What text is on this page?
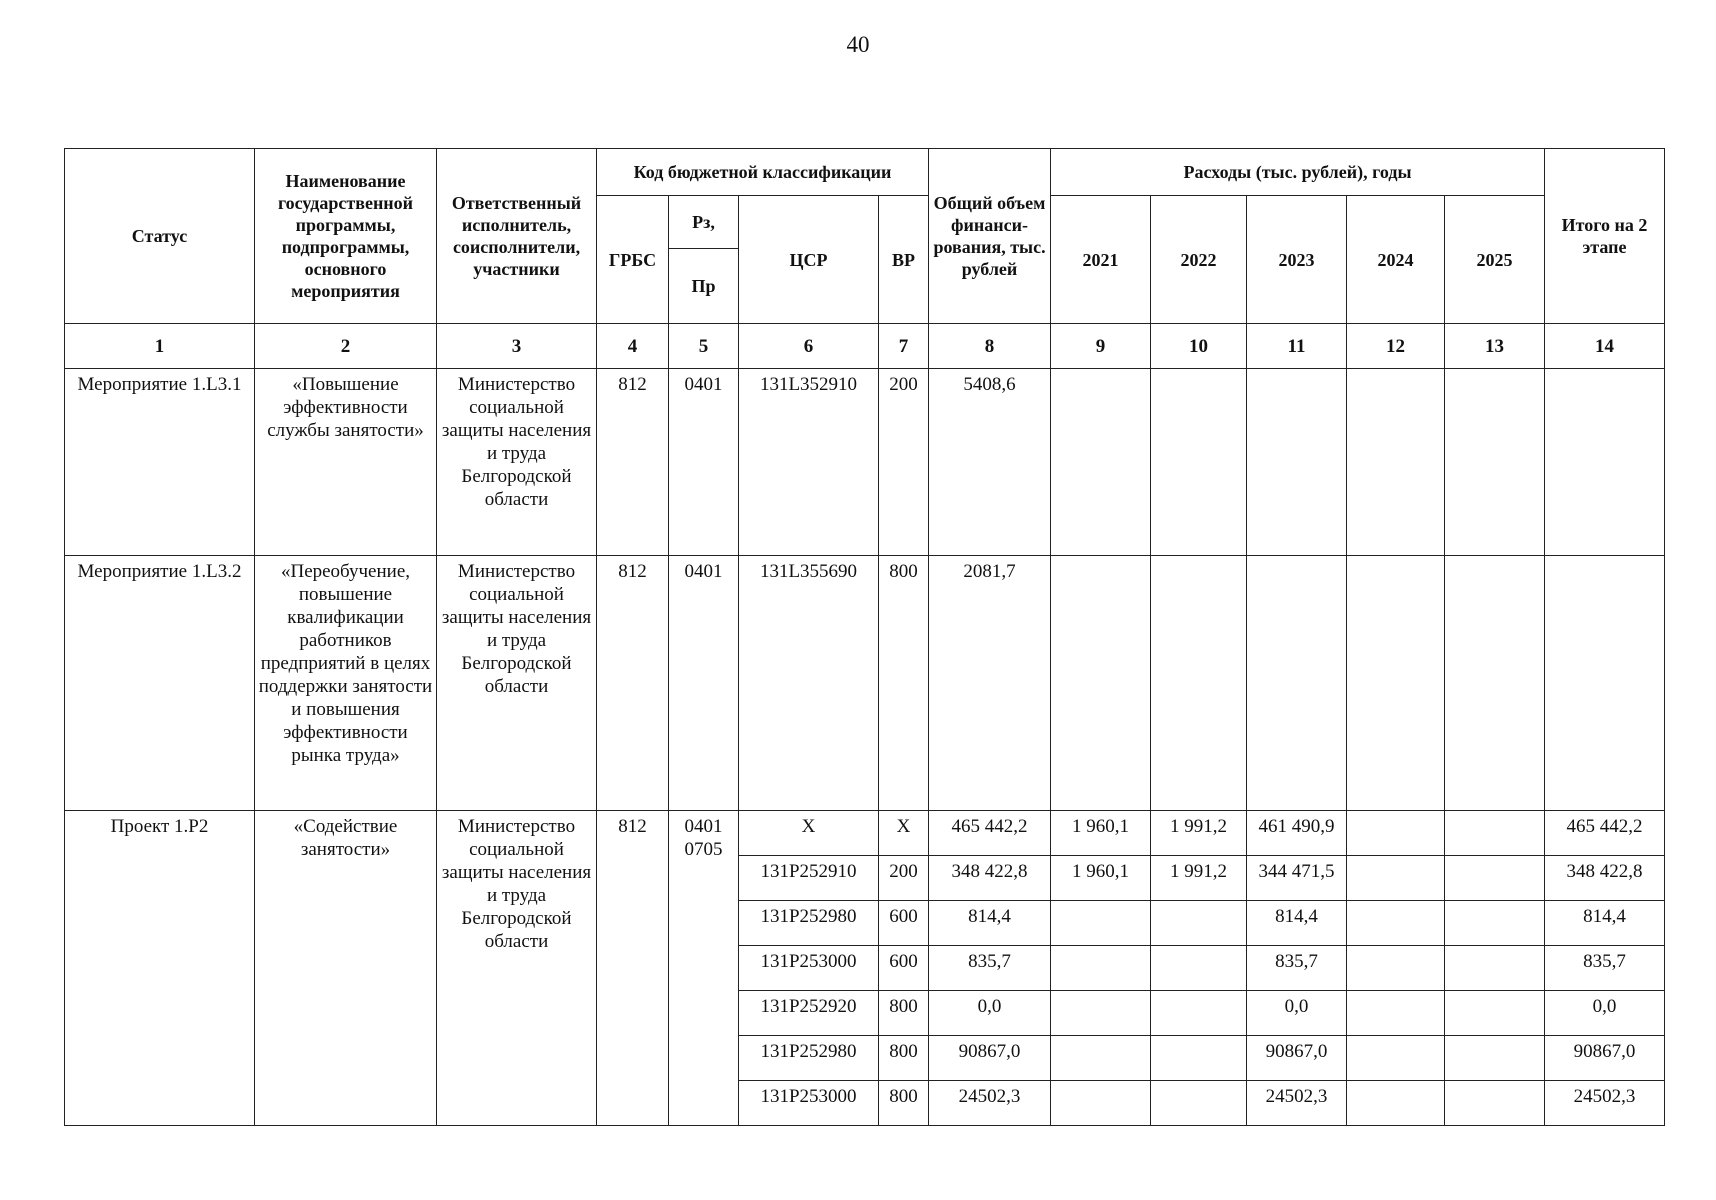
40
Статус	Наименование государственной программы, подпрограммы, основного мероприятия	Ответственный исполнитель, соисполнители, участники	Код бюджетной классификации				Общий объем финанси-рования, тыс. рублей	Расходы (тыс. рублей), годы					Итого на 2 этапе
			ГРБС	Рз,	ЦСР	ВР		2021	2022	2023	2024	2025	
				Пр									
1	2	3	4	5	6	7	8	9	10	11	12	13	14
Мероприятие 1.L3.1	«Повышение эффективности службы занятости»	Министерство социальной защиты населения и труда Белгородской области	812	0401	131L352910	200	5408,6						
Мероприятие 1.L3.2	«Переобучение, повышение квалификации работников предприятий в целях поддержки занятости и повышения эффективности рынка труда»	Министерство социальной защиты населения и труда Белгородской области	812	0401	131L355690	800	2081,7						
Проект 1.Р2	«Содействие занятости»	Министерство социальной защиты населения и труда Белгородской области	812	0401 0705	Х	Х	465 442,2	1 960,1	1 991,2	461 490,9			465 442,2
					131Р252910	200	348 422,8	1 960,1	1 991,2	344 471,5			348 422,8
					131Р252980	600	814,4			814,4			814,4
					131Р253000	600	835,7			835,7			835,7
					131Р252920	800	0,0			0,0			0,0
					131Р252980	800	90867,0			90867,0			90867,0
					131Р253000	800	24502,3			24502,3			24502,3
